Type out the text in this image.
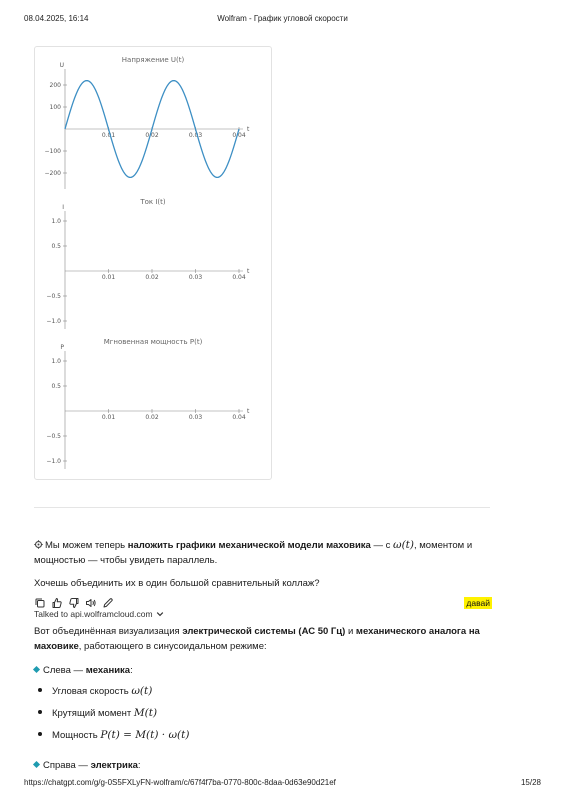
08.04.2025, 16:14	Wolfram - График угловой скорости
Напряжение U(t)
U
t
0.01	0.02	0.03	0.04
200
100
−100
−200
Ток I(t)
I
t
0.01	0.02	0.03	0.04
1.0
0.5
−0.5
−1.0
Мгновенная мощность P(t)
P
t
0.01	0.02	0.03	0.04
1.0
0.5
−0.5
−1.0
Мы можем теперь наложить графики механической модели маховика — с ω(t), моментом и мощностью — чтобы увидеть параллель.
Хочешь объединить их в один большой сравнительный коллаж?
давай
Talked to api.wolframcloud.com
Вот объединённая визуализация электрической системы (АС 50 Гц) и механического аналога на маховике, работающего в синусоидальном режиме:
Слева — механика:
Угловая скорость ω(t)
Крутящий момент M(t)
Мощность P(t) = M(t) · ω(t)
Справа — электрика:
https://chatgpt.com/g/g-0S5FXLyFN-wolfram/c/67f4f7ba-0770-800c-8daa-0d63e90d21ef	15/28
